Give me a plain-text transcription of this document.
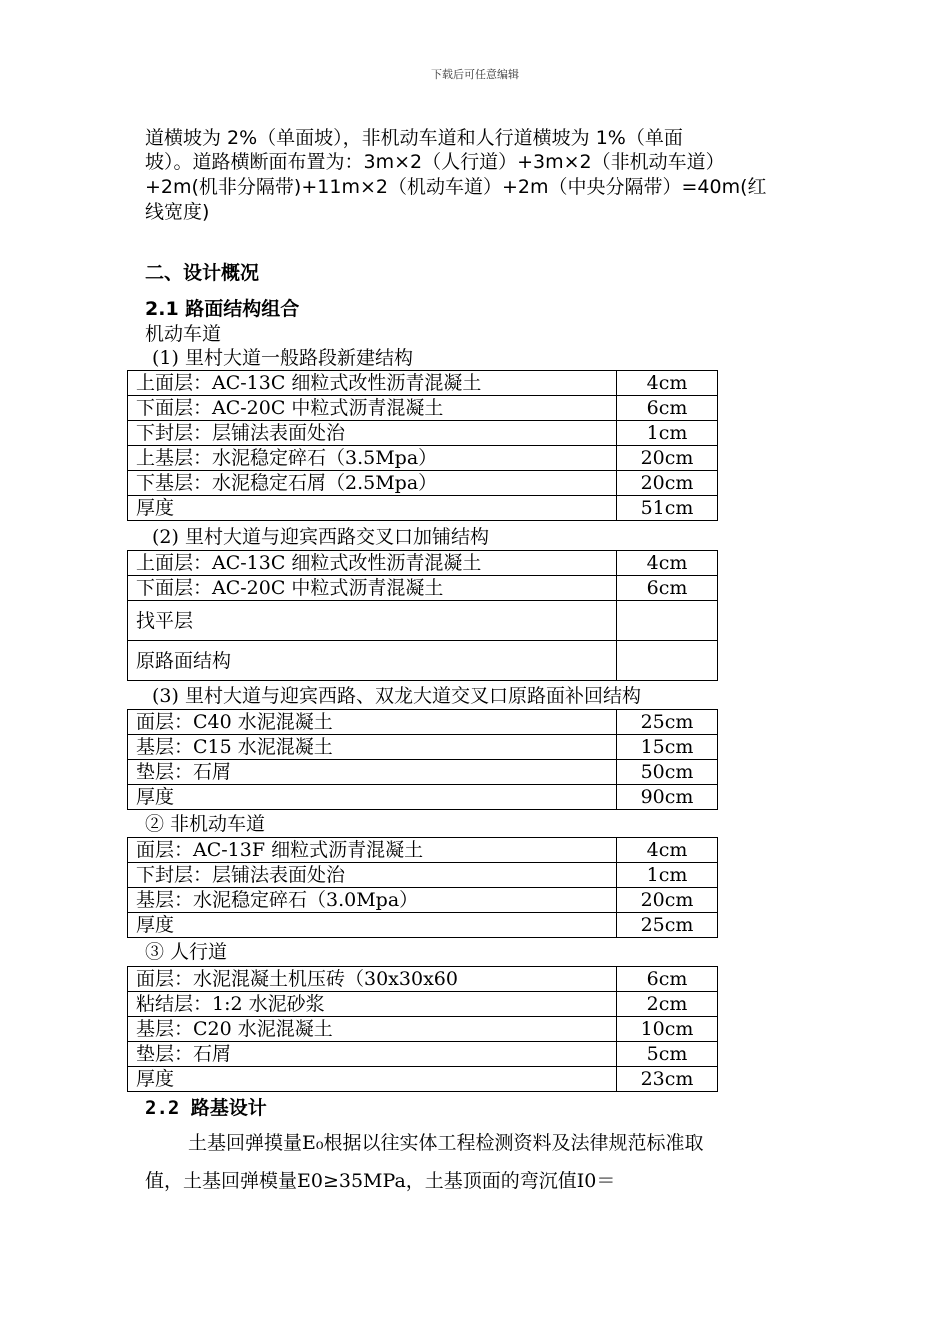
下载后可任意编辑
道横坡为 2%（单面坡），非机动车道和人行道横坡为 1%（单面
坡）。道路横断面布置为：3m×2（人行道）+3m×2（非机动车道）
+2m(机非分隔带)+11m×2（机动车道）+2m（中央分隔带）=40m(红
线宽度)
二、设计概况
2.1 路面结构组合
机动车道
(1) 里村大道一般路段新建结构
上面层：AC-13C 细粒式改性沥青混凝土	4cm
下面层：AC-20C 中粒式沥青混凝土	6cm
下封层：层铺法表面处治	1cm
上基层：水泥稳定碎石（3.5Mpa）	20cm
下基层：水泥稳定石屑（2.5Mpa）	20cm
厚度	51cm
(2) 里村大道与迎宾西路交叉口加铺结构
上面层：AC-13C 细粒式改性沥青混凝土	4cm
下面层：AC-20C 中粒式沥青混凝土	6cm
找平层	
原路面结构	
(3) 里村大道与迎宾西路、双龙大道交叉口原路面补回结构
面层：C40 水泥混凝土	25cm
基层：C15 水泥混凝土	15cm
垫层：石屑	50cm
厚度	90cm
② 非机动车道
面层：AC-13F 细粒式沥青混凝土	4cm
下封层：层铺法表面处治	1cm
基层：水泥稳定碎石（3.0Mpa）	20cm
厚度	25cm
③ 人行道
面层：水泥混凝土机压砖（30x30x60	6cm
粘结层：1:2 水泥砂浆	2cm
基层：C20 水泥混凝土	10cm
垫层：石屑	5cm
厚度	23cm
2.2 路基设计
土基回弹摸量E₀根据以往实体工程检测资料及法律规范标准取
值，土基回弹模量E0≥35MPa，土基顶面的弯沉值I0＝
